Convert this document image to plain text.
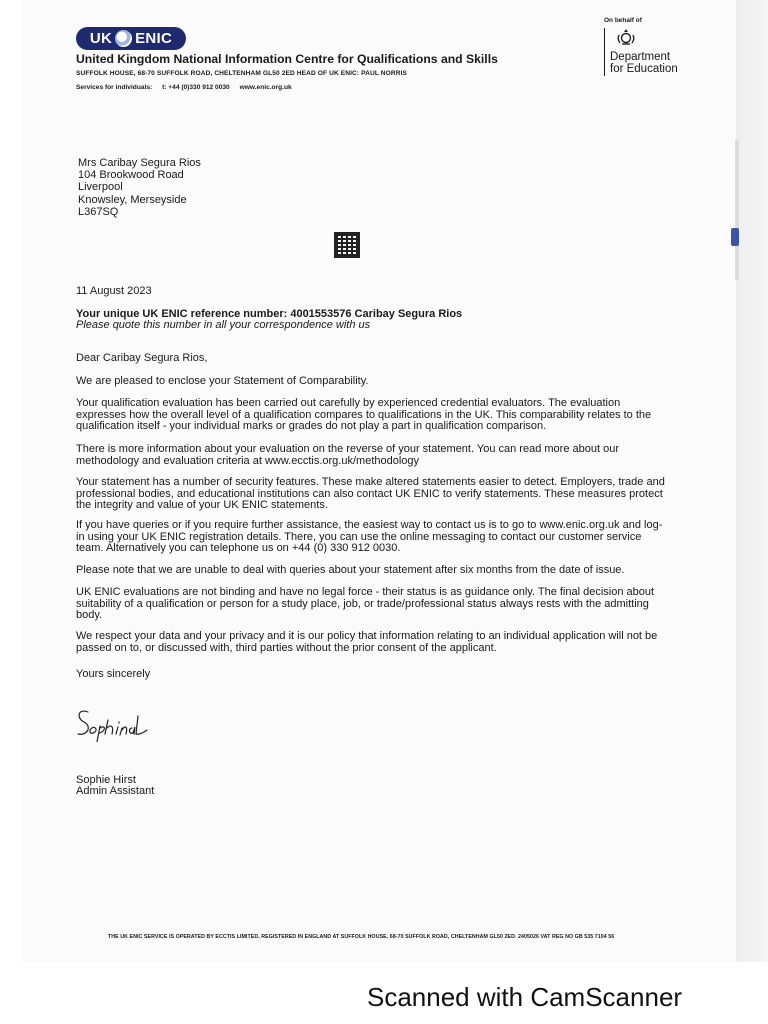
UK ENIC
United Kingdom National Information Centre for Qualifications and Skills
SUFFOLK HOUSE, 68-70 SUFFOLK ROAD, CHELTENHAM GL50 2ED HEAD OF UK ENIC: PAUL NORRIS
Services for individuals: t: +44 (0)330 912 0030 www.enic.org.uk
On behalf of
Department
for Education
Mrs Caribay Segura Rios
104 Brookwood Road
Liverpool
Knowsley, Merseyside
L367SQ
11 August 2023
Your unique UK ENIC reference number: 4001553576 Caribay Segura Rios
Please quote this number in all your correspondence with us
Dear Caribay Segura Rios,
We are pleased to enclose your Statement of Comparability.
Your qualification evaluation has been carried out carefully by experienced credential evaluators. The evaluation expresses how the overall level of a qualification compares to qualifications in the UK. This comparability relates to the qualification itself - your individual marks or grades do not play a part in qualification comparison.
There is more information about your evaluation on the reverse of your statement. You can read more about our methodology and evaluation criteria at www.ecctis.org.uk/methodology
Your statement has a number of security features. These make altered statements easier to detect. Employers, trade and professional bodies, and educational institutions can also contact UK ENIC to verify statements. These measures protect the integrity and value of your UK ENIC statements.
If you have queries or if you require further assistance, the easiest way to contact us is to go to www.enic.org.uk and log-in using your UK ENIC registration details. There, you can use the online messaging to contact our customer service team. Alternatively you can telephone us on +44 (0) 330 912 0030.
Please note that we are unable to deal with queries about your statement after six months from the date of issue.
UK ENIC evaluations are not binding and have no legal force - their status is as guidance only. The final decision about suitability of a qualification or person for a study place, job, or trade/professional status always rests with the admitting body.
We respect your data and your privacy and it is our policy that information relating to an individual application will not be passed on to, or discussed with, third parties without the prior consent of the applicant.
Yours sincerely
Sophie Hirst
Admin Assistant
THE UK ENIC SERVICE IS OPERATED BY ECCTIS LIMITED, REGISTERED IN ENGLAND AT SUFFOLK HOUSE, 68-70 SUFFOLK ROAD, CHELTENHAM GL50 2ED. 2405026 VAT REG NO GB 535 7104 56
Scanned with CamScanner
